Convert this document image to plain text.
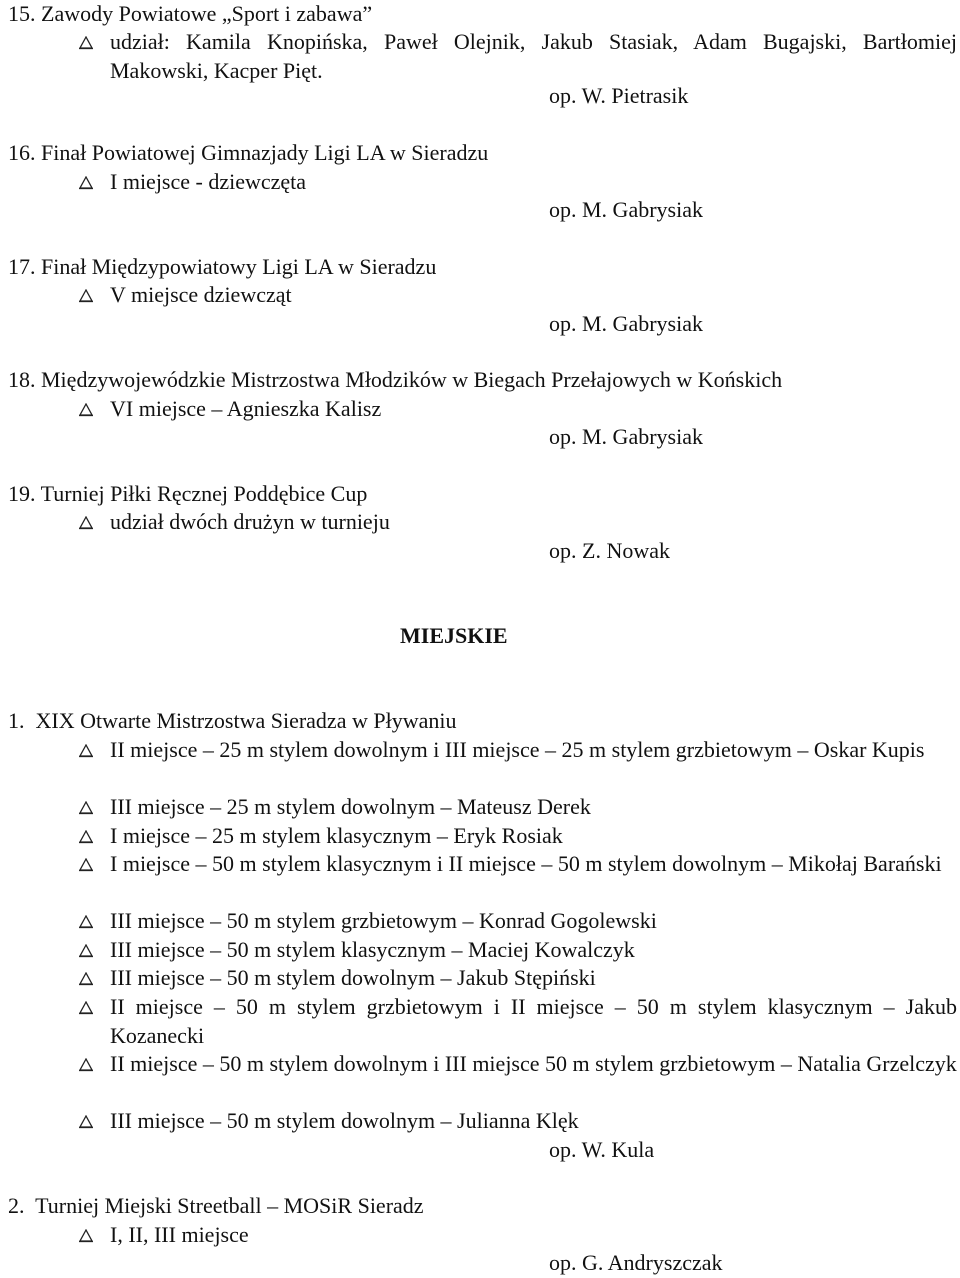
15. Zawody Powiatowe „Sport i zabawa”
udział: Kamila Knopińska, Paweł Olejnik, Jakub Stasiak, Adam Bugajski, Bartłomiej Makowski, Kacper Pięt.
op. W. Pietrasik
16. Finał Powiatowej Gimnazjady Ligi LA w Sieradzu
I miejsce - dziewczęta
op. M. Gabrysiak
17. Finał Międzypowiatowy Ligi LA w Sieradzu
V miejsce dziewcząt
op. M. Gabrysiak
18. Międzywojewódzkie Mistrzostwa Młodzików w Biegach Przełajowych w Końskich
VI miejsce – Agnieszka Kalisz
op. M. Gabrysiak
19. Turniej Piłki Ręcznej Poddębice Cup
udział dwóch drużyn w turnieju
op. Z. Nowak
MIEJSKIE
1.  XIX Otwarte Mistrzostwa Sieradza w Pływaniu
II miejsce – 25 m stylem dowolnym i III miejsce – 25 m stylem grzbietowym – Oskar Kupis
III miejsce – 25 m stylem dowolnym – Mateusz Derek
I miejsce – 25 m stylem klasycznym – Eryk Rosiak
I miejsce – 50 m stylem klasycznym i II miejsce – 50 m stylem dowolnym – Mikołaj Barański
III miejsce – 50 m stylem grzbietowym – Konrad Gogolewski
III miejsce – 50 m stylem klasycznym – Maciej Kowalczyk
III miejsce – 50 m stylem dowolnym – Jakub Stępiński
II miejsce – 50 m stylem grzbietowym i II miejsce – 50 m stylem klasycznym – Jakub Kozanecki
II miejsce – 50 m stylem dowolnym i III miejsce 50 m stylem grzbietowym – Natalia Grzelczyk
III miejsce – 50 m stylem dowolnym – Julianna Klęk
op. W. Kula
2.  Turniej Miejski Streetball – MOSiR Sieradz
I, II, III miejsce
op. G. Andryszczak
